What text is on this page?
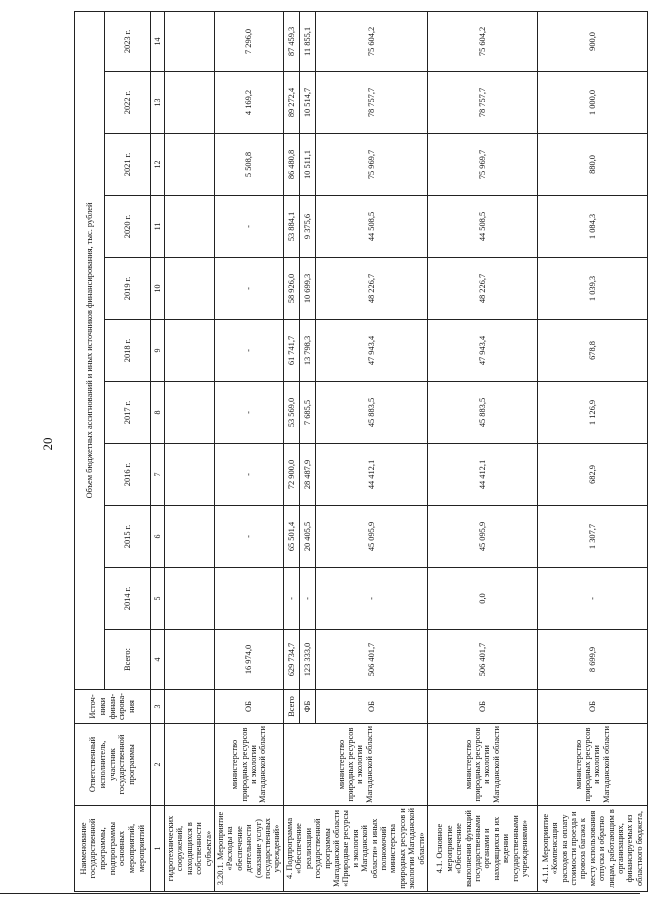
20
Наименование государственной программы, подпрограммы основных мероприятий, мероприятий	Ответственный исполнитель, участник государственной программы	Источ-ники финан-сирова-ния	Объем бюджетных ассигнований и иных источников финансирования, тыс. рублей										
			Всего:	2014 г.	2015 г.	2016 г.	2017 г.	2018 г.	2019 г.	2020 г.	2021 г.	2022 г.	2023 г.
1	2	3	4	5	6	7	8	9	10	11	12	13	14
гидротехнических сооружений, находящихся в собственности субъекта»													
3.20.1. Мероприятие «Расходы на обеспечение деятельности (оказание услуг) государственных учреждений»	министерство природных ресурсов и экологии Магаданской области	ОБ	16 974,0		-	-	-	-	-	-	5 508,8	4 169,2	7 296,0
4. Подпрограмма «Обеспечение реализации государственной программы Магаданской области «Природные ресурсы и экология Магаданской области» и иных полномочий министерства природных ресурсов и экологии Магаданской области»	министерство природных ресурсов и экологии Магаданской области	Всего	629 734,7	-	65 501,4	72 900,0	53 569,0	61 741,7	58 926,0	53 884,1	86 480,8	89 272,4	87 459,3
		ФБ	123 333,0	-	20 405,5	28 487,9	7 685,5	13 798,3	10 699,3	9 375,6	10 511,1	10 514,7	11 855,1
		ОБ	506 401,7	-	45 095,9	44 412,1	45 883,5	47 943,4	48 226,7	44 508,5	75 969,7	78 757,7	75 604,2
4.1. Основное мероприятие «Обеспечение выполнения функций государственными органами и находящихся в их ведении государственными учреждениями»	министерство природных ресурсов и экологии Магаданской области	ОБ	506 401,7	0,0	45 095,9	44 412,1	45 883,5	47 943,4	48 226,7	44 508,5	75 969,7	78 757,7	75 604,2
4.1.1. Мероприятие «Компенсация расходов на оплату стоимости проезда и провоза багажа к месту использования отпуска и обратно лицам, работающим в организациях, финансируемых из областного бюджета,	министерство природных ресурсов и экологии Магаданской области	ОБ	8 699,9	-	1 307,7	682,9	1 126,9	678,8	1 039,3	1 084,3	880,0	1 000,0	900,0
